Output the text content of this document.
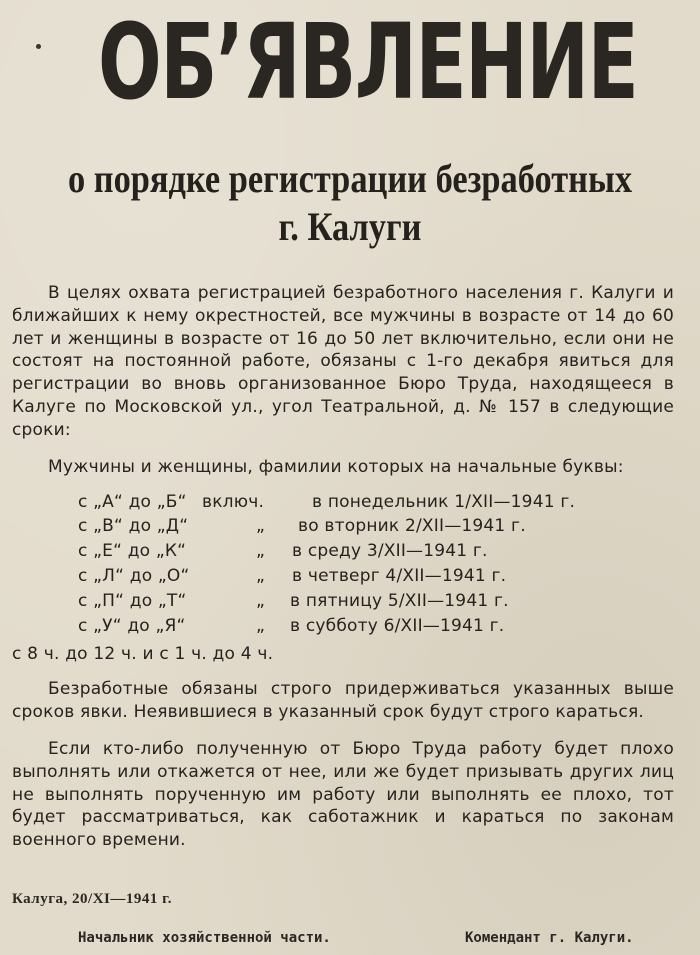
ОБ’ЯВЛЕНИЕ
о порядке регистрации безработных
г. Калуги
В целях охвата регистрацией безработного населения г. Калуги и ближайших к нему окрестностей, все мужчины в возрасте от 14 до 60 лет и женщины в возрасте от 16 до 50 лет включительно, если они не состоят на постоянной работе, обязаны с 1-го декабря явиться для регистрации во вновь организованное Бюро Труда, находящееся в Калуге по Московской ул., угол Театральной, д. № 157 в следующие сроки:
Мужчины и женщины, фамилии которых на начальные буквы:
с „А“ до „Б“ включ.	в понедельник 1/XII—1941 г.
с „В“ до „Д“	„ во вторник 2/XII—1941 г.
с „Е“ до „К“	„ в среду 3/XII—1941 г.
с „Л“ до „О“	„ в четверг 4/XII—1941 г.
с „П“ до „Т“	„ в пятницу 5/XII—1941 г.
с „У“ до „Я“	„ в субботу 6/XII—1941 г.
с 8 ч. до 12 ч. и с 1 ч. до 4 ч.
Безработные обязаны строго придерживаться указанных выше сроков явки. Неявившиеся в указанный срок будут строго караться.
Если кто-либо полученную от Бюро Труда работу будет плохо выполнять или откажется от нее, или же будет призывать других лиц не выполнять порученную им работу или выполнять ее плохо, тот будет рассматриваться, как саботажник и караться по законам военного времени.
Калуга, 20/XI—1941 г.
Начальник хозяйственной части.	Комендант г. Калуги.
